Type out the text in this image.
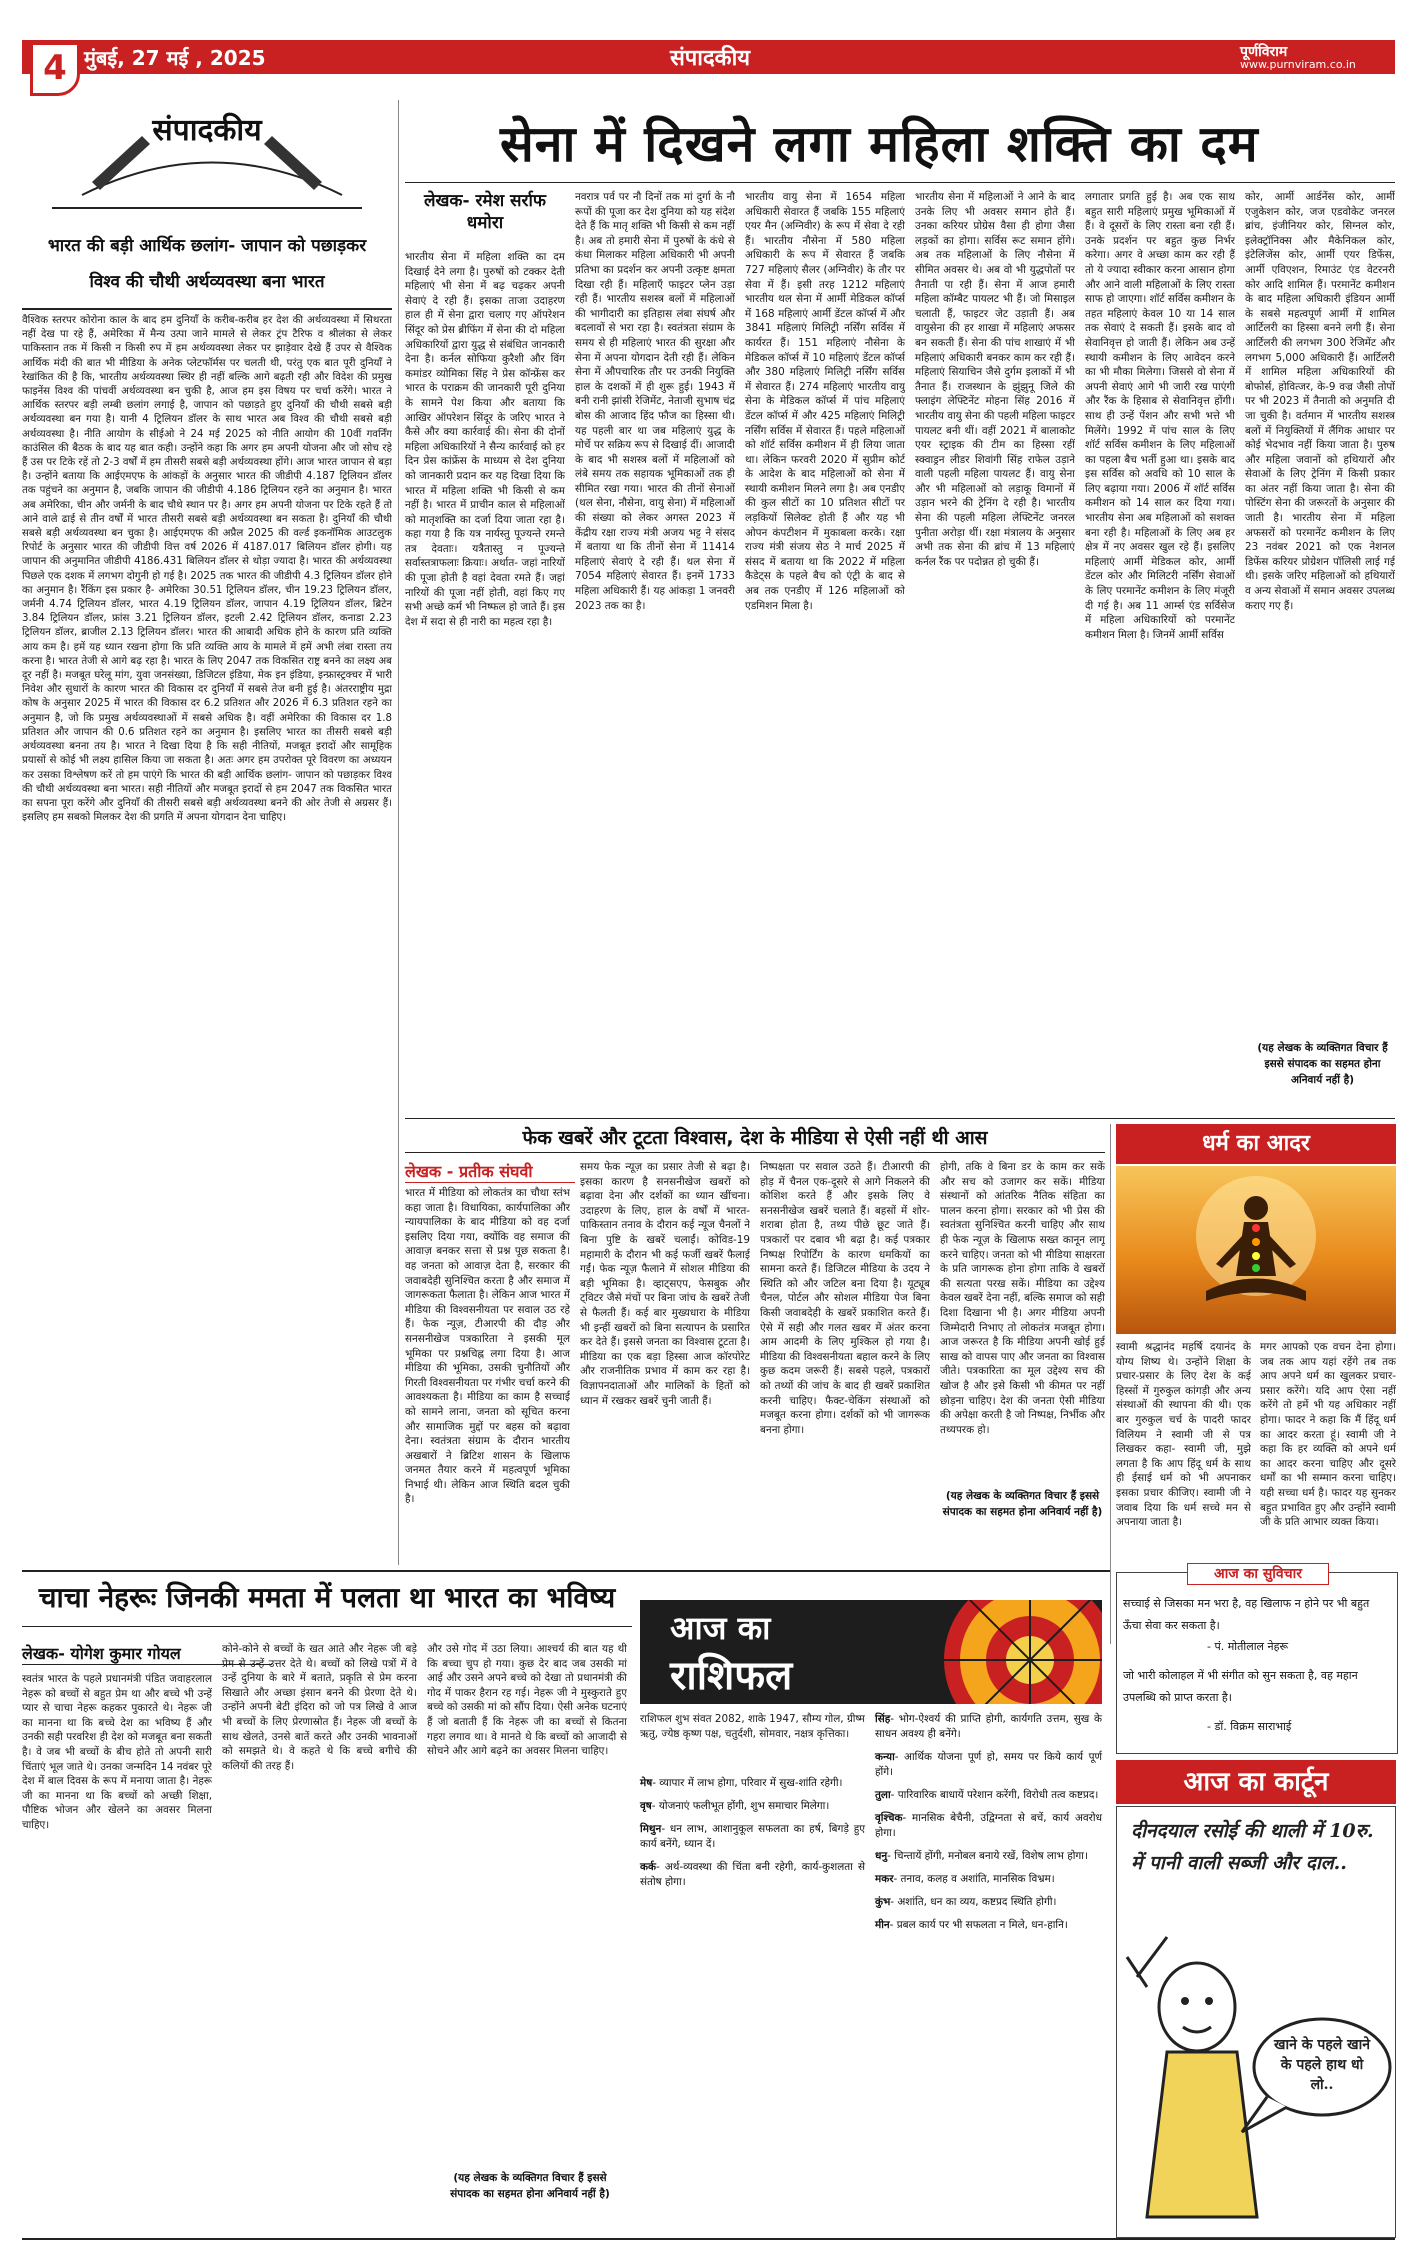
4 मुंबई, 27 मई , 2025	संपादकीय	पूर्णविराम
www.purnviram.co.in
संपादकीय
भारत की बड़ी आर्थिक छलांग- जापान को पछाड़कर विश्व की चौथी अर्थव्यवस्था बना भारत
वैश्विक स्तरपर कोरोना काल के बाद हम दुनियाँ के करीब-करीब हर देश की अर्थव्यवस्था में सिथरता नहीं देख पा रहे हैं, अमेरिका में मैन्य उत्पा जाने मामले से लेकर ट्रंप टैरिफ व श्रीलंका से लेकर पाकिस्तान तक में किसी न किसी रुप में हम अर्थव्यवस्था लेकर पर झाड़ेवार देखे हैं उपर से वैश्विक आर्थिक मंदी की बात भी मीडिया के अनेक प्लेटफॉर्मस पर चलती थी, परंतु एक बात पूरी दुनियाँ ने रेखांकित की है कि, भारतीय अर्थव्यवस्था स्थिर ही नहीं बल्कि आगे बढ़ती रही और विदेश की प्रमुख फाइनेंस विश्व की पांचवीं अर्थव्यवस्था बन चुकी है, आज हम इस विषय पर चर्चा करेंगे। भारत ने आर्थिक स्तरपर बड़ी लम्बी छलांग लगाई है, जापान को पछाड़ते हुए दुनियाँ की चौथी सबसे बड़ी अर्थव्यवस्था बन गया है। यानी 4 ट्रिलियन डॉलर के साथ भारत अब विश्व की चौथी सबसे बड़ी अर्थव्यवस्था है। नीति आयोग के सीईओ ने 24 मई 2025 को नीति आयोग की 10वीं गवर्निंग काउंसिल की बैठक के बाद यह बात कही। उन्होंने कहा कि अगर हम अपनी योजना और जो सोच रहे हैं उस पर टिके रहें तो 2-3 वर्षों में हम तीसरी सबसे बड़ी अर्थव्यवस्था होंगे। आज भारत जापान से बड़ा है। उन्होंने बताया कि आईएमएफ के आंकड़ों के अनुसार भारत की जीडीपी 4.187 ट्रिलियन डॉलर तक पहुंचने का अनुमान है, जबकि जापान की जीडीपी 4.186 ट्रिलियन रहने का अनुमान है। भारत अब अमेरिका, चीन और जर्मनी के बाद चौथे स्थान पर है। अगर हम अपनी योजना पर टिके रहते हैं तो आने वाले ढाई से तीन वर्षों में भारत तीसरी सबसे बड़ी अर्थव्यवस्था बन सकता है। दुनियाँ की चौथी सबसे बड़ी अर्थव्यवस्था बन चुका है। आईएमएफ की अप्रैल 2025 की वर्ल्ड इकनॉमिक आउटलुक रिपोर्ट के अनुसार भारत की जीडीपी वित्त वर्ष 2026 में 4187.017 बिलियन डॉलर होगी। यह जापान की अनुमानित जीडीपी 4186.431 बिलियन डॉलर से थोड़ा ज्यादा है। भारत की अर्थव्यवस्था पिछले एक दशक में लगभग दोगुनी हो गई है। 2025 तक भारत की जीडीपी 4.3 ट्रिलियन डॉलर होने का अनुमान है। रैंकिंग इस प्रकार है- अमेरिका 30.51 ट्रिलियन डॉलर, चीन 19.23 ट्रिलियन डॉलर, जर्मनी 4.74 ट्रिलियन डॉलर, भारत 4.19 ट्रिलियन डॉलर, जापान 4.19 ट्रिलियन डॉलर, ब्रिटेन 3.84 ट्रिलियन डॉलर, फ्रांस 3.21 ट्रिलियन डॉलर, इटली 2.42 ट्रिलियन डॉलर, कनाडा 2.23 ट्रिलियन डॉलर, ब्राजील 2.13 ट्रिलियन डॉलर। भारत की आबादी अधिक होने के कारण प्रति व्यक्ति आय कम है। हमें यह ध्यान रखना होगा कि प्रति व्यक्ति आय के मामले में हमें अभी लंबा रास्ता तय करना है। भारत तेजी से आगे बढ़ रहा है। भारत के लिए 2047 तक विकसित राष्ट्र बनने का लक्ष्य अब दूर नहीं है। मजबूत घरेलू मांग, युवा जनसंख्या, डिजिटल इंडिया, मेक इन इंडिया, इन्फ्रास्ट्रक्चर में भारी निवेश और सुधारों के कारण भारत की विकास दर दुनियाँ में सबसे तेज बनी हुई है। अंतरराष्ट्रीय मुद्रा कोष के अनुसार 2025 में भारत की विकास दर 6.2 प्रतिशत और 2026 में 6.3 प्रतिशत रहने का अनुमान है, जो कि प्रमुख अर्थव्यवस्थाओं में सबसे अधिक है। वहीं अमेरिका की विकास दर 1.8 प्रतिशत और जापान की 0.6 प्रतिशत रहने का अनुमान है। इसलिए भारत का तीसरी सबसे बड़ी अर्थव्यवस्था बनना तय है। भारत ने दिखा दिया है कि सही नीतियों, मजबूत इरादों और सामूहिक प्रयासों से कोई भी लक्ष्य हासिल किया जा सकता है। अतः अगर हम उपरोक्त पूरे विवरण का अध्ययन कर उसका विश्लेषण करें तो हम पाएंगे कि भारत की बड़ी आर्थिक छलांग- जापान को पछाड़कर विश्व की चौथी अर्थव्यवस्था बना भारत। सही नीतियों और मजबूत इरादों से हम 2047 तक विकसित भारत का सपना पूरा करेंगे और दुनियाँ की तीसरी सबसे बड़ी अर्थव्यवस्था बनने की ओर तेजी से अग्रसर हैं। इसलिए हम सबको मिलकर देश की प्रगति में अपना योगदान देना चाहिए।
सेना में दिखने लगा महिला शक्ति का दम
लेखक- रमेश सर्राफ धमोरा
भारतीय सेना में महिला शक्ति का दम दिखाई देने लगा है। पुरुषों को टक्कर देती महिलाएं भी सेना में बढ़ चढ़कर अपनी सेवाएं दे रही हैं। इसका ताजा उदाहरण हाल ही में सेना द्वारा चलाए गए ऑपरेशन सिंदूर को प्रेस ब्रीफिंग में सेना की दो महिला अधिकारियों द्वारा युद्ध से संबंधित जानकारी देना है। कर्नल सोफिया कुरैशी और विंग कमांडर व्योमिका सिंह ने प्रेस कॉन्फ्रेंस कर भारत के पराक्रम की जानकारी पूरी दुनिया के सामने पेश किया और बताया कि आखिर ऑपरेशन सिंदूर के जरिए भारत ने कैसे और क्या कार्रवाई की। सेना की दोनों महिला अधिकारियों ने सैन्य कार्रवाई को हर दिन प्रेस कांफ्रेंस के माध्यम से देश दुनिया को जानकारी प्रदान कर यह दिखा दिया कि भारत में महिला शक्ति भी किसी से कम नहीं है। भारत में प्राचीन काल से महिलाओं को मातृशक्ति का दर्जा दिया जाता रहा है। कहा गया है कि यत्र नार्यस्तु पूज्यन्ते रमन्ते तत्र देवताः। यत्रैतास्तु न पूज्यन्ते सर्वास्तत्राफलाः क्रियाः। अर्थात- जहां नारियों की पूजा होती है वहां देवता रमते हैं। जहां नारियों की पूजा नहीं होती, वहां किए गए सभी अच्छे कर्म भी निष्फल हो जाते हैं। इस देश में सदा से ही नारी का महत्व रहा है।
नवरात्र पर्व पर नौ दिनों तक मां दुर्गा के नौ रूपों की पूजा कर देश दुनिया को यह संदेश देते हैं कि मातृ शक्ति भी किसी से कम नहीं है। अब तो हमारी सेना में पुरुषों के कंधे से कंधा मिलाकर महिला अधिकारी भी अपनी प्रतिभा का प्रदर्शन कर अपनी उत्कृष्ट क्षमता दिखा रही हैं। महिलाएँ फाइटर प्लेन उड़ा रही हैं। भारतीय सशस्त्र बलों में महिलाओं की भागीदारी का इतिहास लंबा संघर्ष और बदलावों से भरा रहा है। स्वतंत्रता संग्राम के समय से ही महिलाएं भारत की सुरक्षा और सेना में अपना योगदान देती रही हैं। लेकिन सेना में औपचारिक तौर पर उनकी नियुक्ति हाल के दशकों में ही शुरू हुई। 1943 में बनी रानी झांसी रेजिमेंट, नेताजी सुभाष चंद्र बोस की आजाद हिंद फौज का हिस्सा थी। यह पहली बार था जब महिलाएं युद्ध के मोर्चे पर सक्रिय रूप से दिखाई दीं। आजादी के बाद भी सशस्त्र बलों में महिलाओं को लंबे समय तक सहायक भूमिकाओं तक ही सीमित रखा गया। भारत की तीनों सेनाओं (थल सेना, नौसेना, वायु सेना) में महिलाओं की संख्या को लेकर अगस्त 2023 में केंद्रीय रक्षा राज्य मंत्री अजय भट्ट ने संसद में बताया था कि तीनों सेना में 11414 महिलाएं सेवाएं दे रही हैं। थल सेना में 7054 महिलाएं सेवारत हैं। इनमें 1733 महिला अधिकारी हैं। यह आंकड़ा 1 जनवरी 2023 तक का है।
भारतीय वायु सेना में 1654 महिला अधिकारी सेवारत हैं जबकि 155 महिलाएं एयर मैन (अग्निवीर) के रूप में सेवा दे रही हैं। भारतीय नौसेना में 580 महिला अधिकारी के रूप में सेवारत हैं जबकि 727 महिलाएं सैलर (अग्निवीर) के तौर पर सेवा में हैं। इसी तरह 1212 महिलाएं भारतीय थल सेना में आर्मी मेडिकल कॉर्प्स में 168 महिलाएं आर्मी डेंटल कॉर्प्स में और 3841 महिलाएं मिलिट्री नर्सिंग सर्विस में कार्यरत हैं। 151 महिलाएं नौसेना के मेडिकल कॉर्प्स में 10 महिलाएं डेंटल कॉर्प्स और 380 महिलाएं मिलिट्री नर्सिंग सर्विस में सेवारत हैं। 274 महिलाएं भारतीय वायु सेना के मेडिकल कॉर्प्स में पांच महिलाएं डेंटल कॉर्प्स में और 425 महिलाएं मिलिट्री नर्सिंग सर्विस में सेवारत हैं। पहले महिलाओं को शॉर्ट सर्विस कमीशन में ही लिया जाता था। लेकिन फरवरी 2020 में सुप्रीम कोर्ट के आदेश के बाद महिलाओं को सेना में स्थायी कमीशन मिलने लगा है। अब एनडीए की कुल सीटों का 10 प्रतिशत सीटों पर लड़कियों सिलेक्ट होती हैं और यह भी ओपन कंपटीशन में मुकाबला करके। रक्षा राज्य मंत्री संजय सेठ ने मार्च 2025 में संसद में बताया था कि 2022 में महिला कैडेट्स के पहले बैच को एंट्री के बाद से अब तक एनडीए में 126 महिलाओं को एडमिशन मिला है।
भारतीय सेना में महिलाओं ने आने के बाद उनके लिए भी अवसर समान होते हैं। उनका करियर प्रोग्रेस वैसा ही होगा जैसा लड़कों का होगा। सर्विस रूट समान होंगे। अब तक महिलाओं के लिए नौसेना में सीमित अवसर थे। अब वो भी युद्धपोतों पर तैनाती पा रही हैं। सेना में आज हमारी महिला कॉम्बैट पायलट भी हैं। जो मिसाइल चलाती हैं, फाइटर जेट उड़ाती हैं। अब वायुसेना की हर शाखा में महिलाएं अफसर बन सकती हैं। सेना की पांच शाखाएं में भी महिलाएं अधिकारी बनकर काम कर रही हैं। महिलाएं सियाचिन जैसे दुर्गम इलाकों में भी तैनात हैं। राजस्थान के झुंझुनू जिले की फ्लाइंग लेफ्टिनेंट मोहना सिंह 2016 में भारतीय वायु सेना की पहली महिला फाइटर पायलट बनी थीं। वहीं 2021 में बालाकोट एयर स्ट्राइक की टीम का हिस्सा रहीं स्क्वाड्रन लीडर शिवांगी सिंह राफेल उड़ाने वाली पहली महिला पायलट हैं। वायु सेना और भी महिलाओं को लड़ाकू विमानों में उड़ान भरने की ट्रेनिंग दे रही है। भारतीय सेना की पहली महिला लेफ्टिनेंट जनरल पुनीता अरोड़ा थीं। रक्षा मंत्रालय के अनुसार अभी तक सेना की ब्रांच में 13 महिलाएं कर्नल रैंक पर पदोन्नत हो चुकी हैं।
लगातार प्रगति हुई है। अब एक साथ बहुत सारी महिलाएं प्रमुख भूमिकाओं में हैं। वे दूसरों के लिए रास्ता बना रही हैं। उनके प्रदर्शन पर बहुत कुछ निर्भर करेगा। अगर वे अच्छा काम कर रही हैं तो ये ज्यादा स्वीकार करना आसान होगा और आने वाली महिलाओं के लिए रास्ता साफ हो जाएगा। शॉर्ट सर्विस कमीशन के तहत महिलाएं केवल 10 या 14 साल तक सेवाएं दे सकती हैं। इसके बाद वो सेवानिवृत्त हो जाती हैं। लेकिन अब उन्हें स्थायी कमीशन के लिए आवेदन करने का भी मौका मिलेगा। जिससे वो सेना में अपनी सेवाएं आगे भी जारी रख पाएंगी और रैंक के हिसाब से सेवानिवृत्त होंगी। साथ ही उन्हें पेंशन और सभी भत्ते भी मिलेंगे। 1992 में पांच साल के लिए शॉर्ट सर्विस कमीशन के लिए महिलाओं का पहला बैच भर्ती हुआ था। इसके बाद इस सर्विस को अवधि को 10 साल के लिए बढ़ाया गया। 2006 में शॉर्ट सर्विस कमीशन को 14 साल कर दिया गया। भारतीय सेना अब महिलाओं को सशक्त बना रही है। महिलाओं के लिए अब हर क्षेत्र में नए अवसर खुल रहे हैं। इसलिए महिलाएं आर्मी मेडिकल कोर, आर्मी डेंटल कोर और मिलिटरी नर्सिंग सेवाओं के लिए परमानेंट कमीशन के लिए मंजूरी दी गई है। अब 11 आर्म्स एंड सर्विसेज में महिला अधिकारियों को परमानेंट कमीशन मिला है। जिनमें आर्मी सर्विस
कोर, आर्मी आर्डनेंस कोर, आर्मी एजुकेशन कोर, जज एडवोकेट जनरल ब्रांच, इंजीनियर कोर, सिग्नल कोर, इलेक्ट्रॉनिक्स और मैकेनिकल कोर, इंटेलिजेंस कोर, आर्मी एयर डिफेंस, आर्मी एविएशन, रिमाउंट एंड वेटरनरी कोर आदि शामिल हैं। परमानेंट कमीशन के बाद महिला अधिकारी इंडियन आर्मी के सबसे महत्वपूर्ण आर्मी में शामिल आर्टिलरी का हिस्सा बनने लगी हैं। सेना आर्टिलरी की लगभग 300 रेजिमेंट और लगभग 5,000 अधिकारी हैं। आर्टिलरी में शामिल महिला अधिकारियों की बोफोर्स, होवित्जर, के-9 वज्र जैसी तोपों पर भी 2023 में तैनाती को अनुमति दी जा चुकी है। वर्तमान में भारतीय सशस्त्र बलों में नियुक्तियों में लैंगिक आधार पर कोई भेदभाव नहीं किया जाता है। पुरुष और महिला जवानों को हथियारों और सेवाओं के लिए ट्रेनिंग में किसी प्रकार का अंतर नहीं किया जाता है। सेना की पोस्टिंग सेना की जरूरतों के अनुसार की जाती है। भारतीय सेना में महिला अफसरों को परमानेंट कमीशन के लिए 23 नवंबर 2021 को एक नेशनल डिफेंस करियर प्रोग्रेशन पॉलिसी लाई गई थी। इसके जरिए महिलाओं को हथियारों व अन्य सेवाओं में समान अवसर उपलब्ध कराए गए हैं।
(यह लेखक के व्यक्तिगत विचार हैं इससे संपादक का सहमत होना अनिवार्य नहीं है)
फेक खबरें और टूटता विश्वास, देश के मीडिया से ऐसी नहीं थी आस
लेखक - प्रतीक संघवी
भारत में मीडिया को लोकतंत्र का चौथा स्तंभ कहा जाता है। विधायिका, कार्यपालिका और न्यायपालिका के बाद मीडिया को वह दर्जा इसलिए दिया गया, क्योंकि वह समाज की आवाज़ बनकर सत्ता से प्रश्न पूछ सकता है। वह जनता को आवाज़ देता है, सरकार की जवाबदेही सुनिश्चित करता है और समाज में जागरूकता फैलाता है। लेकिन आज भारत में मीडिया की विश्वसनीयता पर सवाल उठ रहे हैं। फेक न्यूज़, टीआरपी की दौड़ और सनसनीखेज पत्रकारिता ने इसकी मूल भूमिका पर प्रश्नचिह्न लगा दिया है। आज मीडिया की भूमिका, उसकी चुनौतियों और गिरती विश्वसनीयता पर गंभीर चर्चा करने की आवश्यकता है। मीडिया का काम है सच्चाई को सामने लाना, जनता को सूचित करना और सामाजिक मुद्दों पर बहस को बढ़ावा देना। स्वतंत्रता संग्राम के दौरान भारतीय अखबारों ने ब्रिटिश शासन के खिलाफ जनमत तैयार करने में महत्वपूर्ण भूमिका निभाई थी। लेकिन आज स्थिति बदल चुकी है।
समय फेक न्यूज़ का प्रसार तेजी से बढ़ा है। इसका कारण है सनसनीखेज खबरों को बढ़ावा देना और दर्शकों का ध्यान खींचना। उदाहरण के लिए, हाल के वर्षों में भारत-पाकिस्तान तनाव के दौरान कई न्यूज चैनलों ने बिना पुष्टि के खबरें चलाईं। कोविड-19 महामारी के दौरान भी कई फर्जी खबरें फैलाई गईं। फेक न्यूज़ फैलाने में सोशल मीडिया की बड़ी भूमिका है। व्हाट्सएप, फेसबुक और ट्विटर जैसे मंचों पर बिना जांच के खबरें तेजी से फैलती हैं। कई बार मुख्यधारा के मीडिया भी इन्हीं खबरों को बिना सत्यापन के प्रसारित कर देते हैं। इससे जनता का विश्वास टूटता है। मीडिया का एक बड़ा हिस्सा आज कॉरपोरेट और राजनीतिक प्रभाव में काम कर रहा है। विज्ञापनदाताओं और मालिकों के हितों को ध्यान में रखकर खबरें चुनी जाती हैं।
निष्पक्षता पर सवाल उठते हैं। टीआरपी की होड़ में चैनल एक-दूसरे से आगे निकलने की कोशिश करते हैं और इसके लिए वे सनसनीखेज खबरें चलाते हैं। बहसों में शोर-शराबा होता है, तथ्य पीछे छूट जाते हैं। पत्रकारों पर दबाव भी बढ़ा है। कई पत्रकार निष्पक्ष रिपोर्टिंग के कारण धमकियों का सामना करते हैं। डिजिटल मीडिया के उदय ने स्थिति को और जटिल बना दिया है। यूट्यूब चैनल, पोर्टल और सोशल मीडिया पेज बिना किसी जवाबदेही के खबरें प्रकाशित करते हैं। ऐसे में सही और गलत खबर में अंतर करना आम आदमी के लिए मुश्किल हो गया है। मीडिया की विश्वसनीयता बहाल करने के लिए कुछ कदम जरूरी हैं। सबसे पहले, पत्रकारों को तथ्यों की जांच के बाद ही खबरें प्रकाशित करनी चाहिए। फैक्ट-चेकिंग संस्थाओं को मजबूत करना होगा। दर्शकों को भी जागरूक बनना होगा।
होगी, तकि वे बिना डर के काम कर सकें और सच को उजागर कर सकें। मीडिया संस्थानों को आंतरिक नैतिक संहिता का पालन करना होगा। सरकार को भी प्रेस की स्वतंत्रता सुनिश्चित करनी चाहिए और साथ ही फेक न्यूज़ के खिलाफ सख्त कानून लागू करने चाहिए। जनता को भी मीडिया साक्षरता के प्रति जागरूक होना होगा ताकि वे खबरों की सत्यता परख सकें। मीडिया का उद्देश्य केवल खबरें देना नहीं, बल्कि समाज को सही दिशा दिखाना भी है। अगर मीडिया अपनी जिम्मेदारी निभाए तो लोकतंत्र मजबूत होगा। आज जरूरत है कि मीडिया अपनी खोई हुई साख को वापस पाए और जनता का विश्वास जीते। पत्रकारिता का मूल उद्देश्य सच की खोज है और इसे किसी भी कीमत पर नहीं छोड़ना चाहिए। देश की जनता ऐसी मीडिया की अपेक्षा करती है जो निष्पक्ष, निर्भीक और तथ्यपरक हो।
(यह लेखक के व्यक्तिगत विचार हैं इससे संपादक का सहमत होना अनिवार्य नहीं है)
धर्म का आदर
स्वामी श्रद्धानंद महर्षि दयानंद के योग्य शिष्य थे। उन्होंने शिक्षा के प्रचार-प्रसार के लिए देश के कई हिस्सों में गुरुकुल कांगड़ी और अन्य संस्थाओं की स्थापना की थी। एक बार गुरुकुल चर्च के पादरी फादर विलियम ने स्वामी जी से पत्र लिखकर कहा- स्वामी जी, मुझे लगता है कि आप हिंदू धर्म के साथ ही ईसाई धर्म को भी अपनाकर इसका प्रचार कीजिए। स्वामी जी ने जवाब दिया कि धर्म सच्चे मन से अपनाया जाता है।
मगर आपको एक वचन देना होगा। जब तक आप यहां रहेंगे तब तक आप अपने धर्म का खुलकर प्रचार-प्रसार करेंगे। यदि आप ऐसा नहीं करेंगे तो हमें भी यह अधिकार नहीं होगा। फादर ने कहा कि मैं हिंदू धर्म का आदर करता हूं। स्वामी जी ने कहा कि हर व्यक्ति को अपने धर्म का आदर करना चाहिए और दूसरे धर्मों का भी सम्मान करना चाहिए। यही सच्चा धर्म है। फादर यह सुनकर बहुत प्रभावित हुए और उन्होंने स्वामी जी के प्रति आभार व्यक्त किया।
आज का सुविचार
सच्चाई से जिसका मन भरा है, वह खिलाफ न होने पर भी बहुत ऊँचा सेवा कर सकता है।
- पं. मोतीलाल नेहरू
जो भारी कोलाहल में भी संगीत को सुन सकता है, वह महान उपलब्धि को प्राप्त करता है।
- डॉ. विक्रम साराभाई
आज का कार्टून
दीनदयाल रसोई की थाली में 10रु. में पानी वाली सब्जी और दाल..
खाने के पहले खाने के पहले हाथ धो लो..
चाचा नेहरूः जिनकी ममता में पलता था भारत का भविष्य
लेखक- योगेश कुमार गोयल
स्वतंत्र भारत के पहले प्रधानमंत्री पंडित जवाहरलाल नेहरू को बच्चों से बहुत प्रेम था और बच्चे भी उन्हें प्यार से चाचा नेहरू कहकर पुकारते थे। नेहरू जी का मानना था कि बच्चे देश का भविष्य हैं और उनकी सही परवरिश ही देश को मजबूत बना सकती है। वे जब भी बच्चों के बीच होते तो अपनी सारी चिंताएं भूल जाते थे। उनका जन्मदिन 14 नवंबर पूरे देश में बाल दिवस के रूप में मनाया जाता है। नेहरू जी का मानना था कि बच्चों को अच्छी शिक्षा, पौष्टिक भोजन और खेलने का अवसर मिलना चाहिए।
कोने-कोने से बच्चों के खत आते और नेहरू जी बड़े प्रेम से उन्हें उत्तर देते थे। बच्चों को लिखे पत्रों में वे उन्हें दुनिया के बारे में बताते, प्रकृति से प्रेम करना सिखाते और अच्छा इंसान बनने की प्रेरणा देते थे। उन्होंने अपनी बेटी इंदिरा को जो पत्र लिखे वे आज भी बच्चों के लिए प्रेरणास्रोत हैं। नेहरू जी बच्चों के साथ खेलते, उनसे बातें करते और उनकी भावनाओं को समझते थे। वे कहते थे कि बच्चे बगीचे की कलियों की तरह हैं।
और उसे गोद में उठा लिया। आश्चर्य की बात यह थी कि बच्चा चुप हो गया। कुछ देर बाद जब उसकी मां आई और उसने अपने बच्चे को देखा तो प्रधानमंत्री की गोद में पाकर हैरान रह गई। नेहरू जी ने मुस्कुराते हुए बच्चे को उसकी मां को सौंप दिया। ऐसी अनेक घटनाएं हैं जो बताती हैं कि नेहरू जी का बच्चों से कितना गहरा लगाव था। वे मानते थे कि बच्चों को आजादी से सोचने और आगे बढ़ने का अवसर मिलना चाहिए।
(यह लेखक के व्यक्तिगत विचार हैं इससे संपादक का सहमत होना अनिवार्य नहीं है)
आज का
राशिफल
राशिफल शुभ संवत 2082, शाके 1947, सौम्य गोल, ग्रीष्म ऋतु, ज्येष्ठ कृष्ण पक्ष, चतुर्दशी, सोमवार, नक्षत्र कृत्तिका।
मेष- व्यापार में लाभ होगा, परिवार में सुख-शांति रहेगी।
वृष- योजनाएं फलीभूत होंगी, शुभ समाचार मिलेगा।
मिथुन- धन लाभ, आशानुकूल सफलता का हर्ष, बिगड़े हुए कार्य बनेंगे, ध्यान दें।
कर्क- अर्थ-व्यवस्था की चिंता बनी रहेगी, कार्य-कुशलता से संतोष होगा।
सिंह- भोग-ऐश्वर्य की प्राप्ति होगी, कार्यगति उत्तम, सुख के साधन अवश्य ही बनेंगे।
कन्या- आर्थिक योजना पूर्ण हो, समय पर किये कार्य पूर्ण होंगे।
तुला- पारिवारिक बाधायें परेशान करेंगी, विरोधी तत्व कष्टप्रद।
वृश्चिक- मानसिक बेचैनी, उद्विग्नता से बचें, कार्य अवरोध होगा।
धनु- चिन्तायें होंगी, मनोबल बनाये रखें, विशेष लाभ होगा।
मकर- तनाव, कलह व अशांति, मानसिक विभ्रम।
कुंभ- अशांति, धन का व्यय, कष्टप्रद स्थिति होगी।
मीन- प्रबल कार्य पर भी सफलता न मिले, धन-हानि।
